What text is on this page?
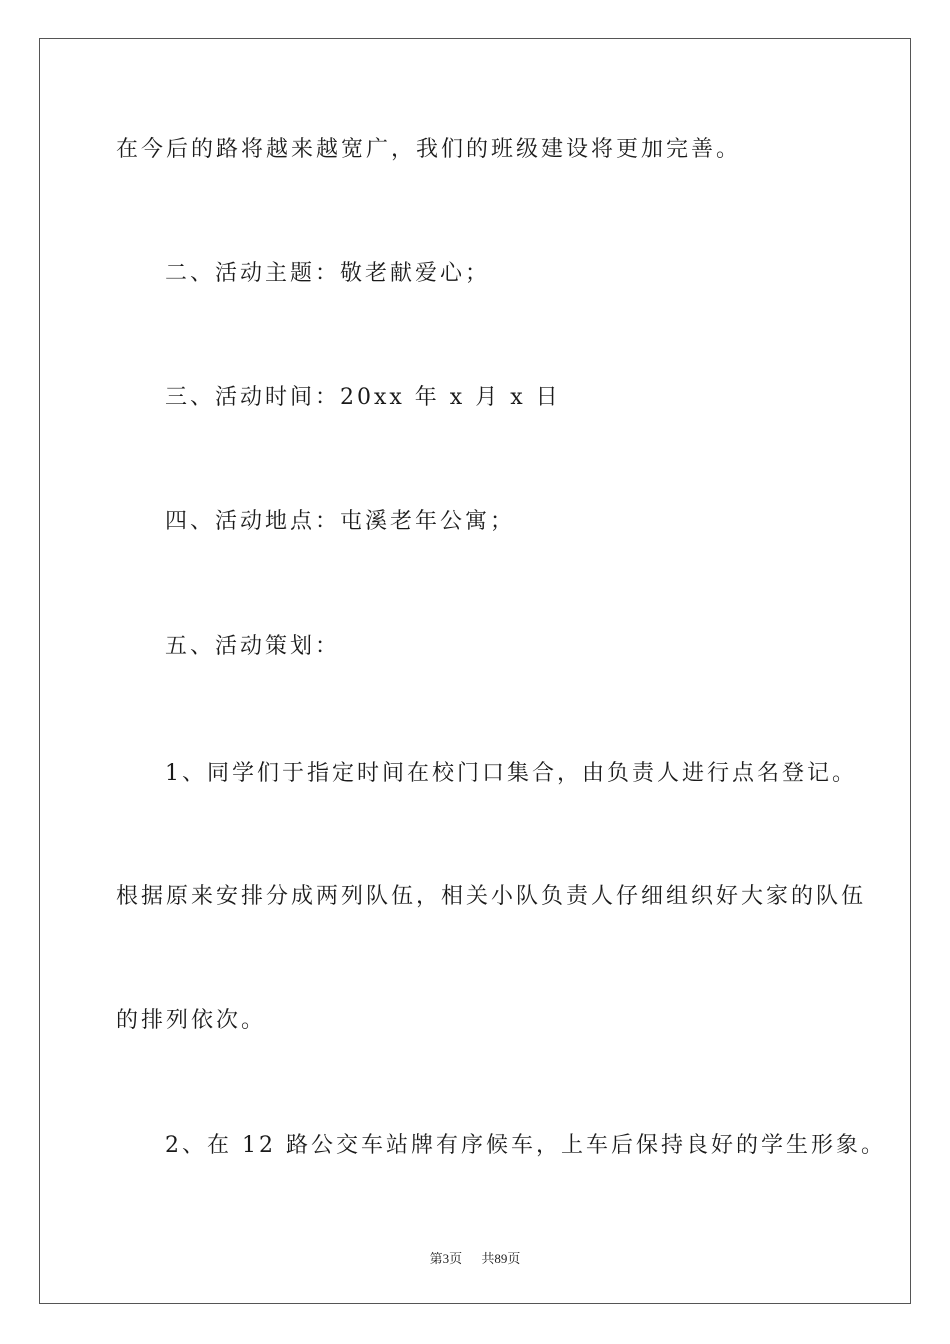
在今后的路将越来越宽广，我们的班级建设将更加完善。
二、活动主题：敬老献爱心；
三、活动时间：20xx 年 x 月 x 日
四、活动地点：屯溪老年公寓；
五、活动策划：
1、同学们于指定时间在校门口集合，由负责人进行点名登记。
根据原来安排分成两列队伍，相关小队负责人仔细组织好大家的队伍
的排列依次。
2、在 12 路公交车站牌有序候车，上车后保持良好的学生形象。
第3页 共89页
